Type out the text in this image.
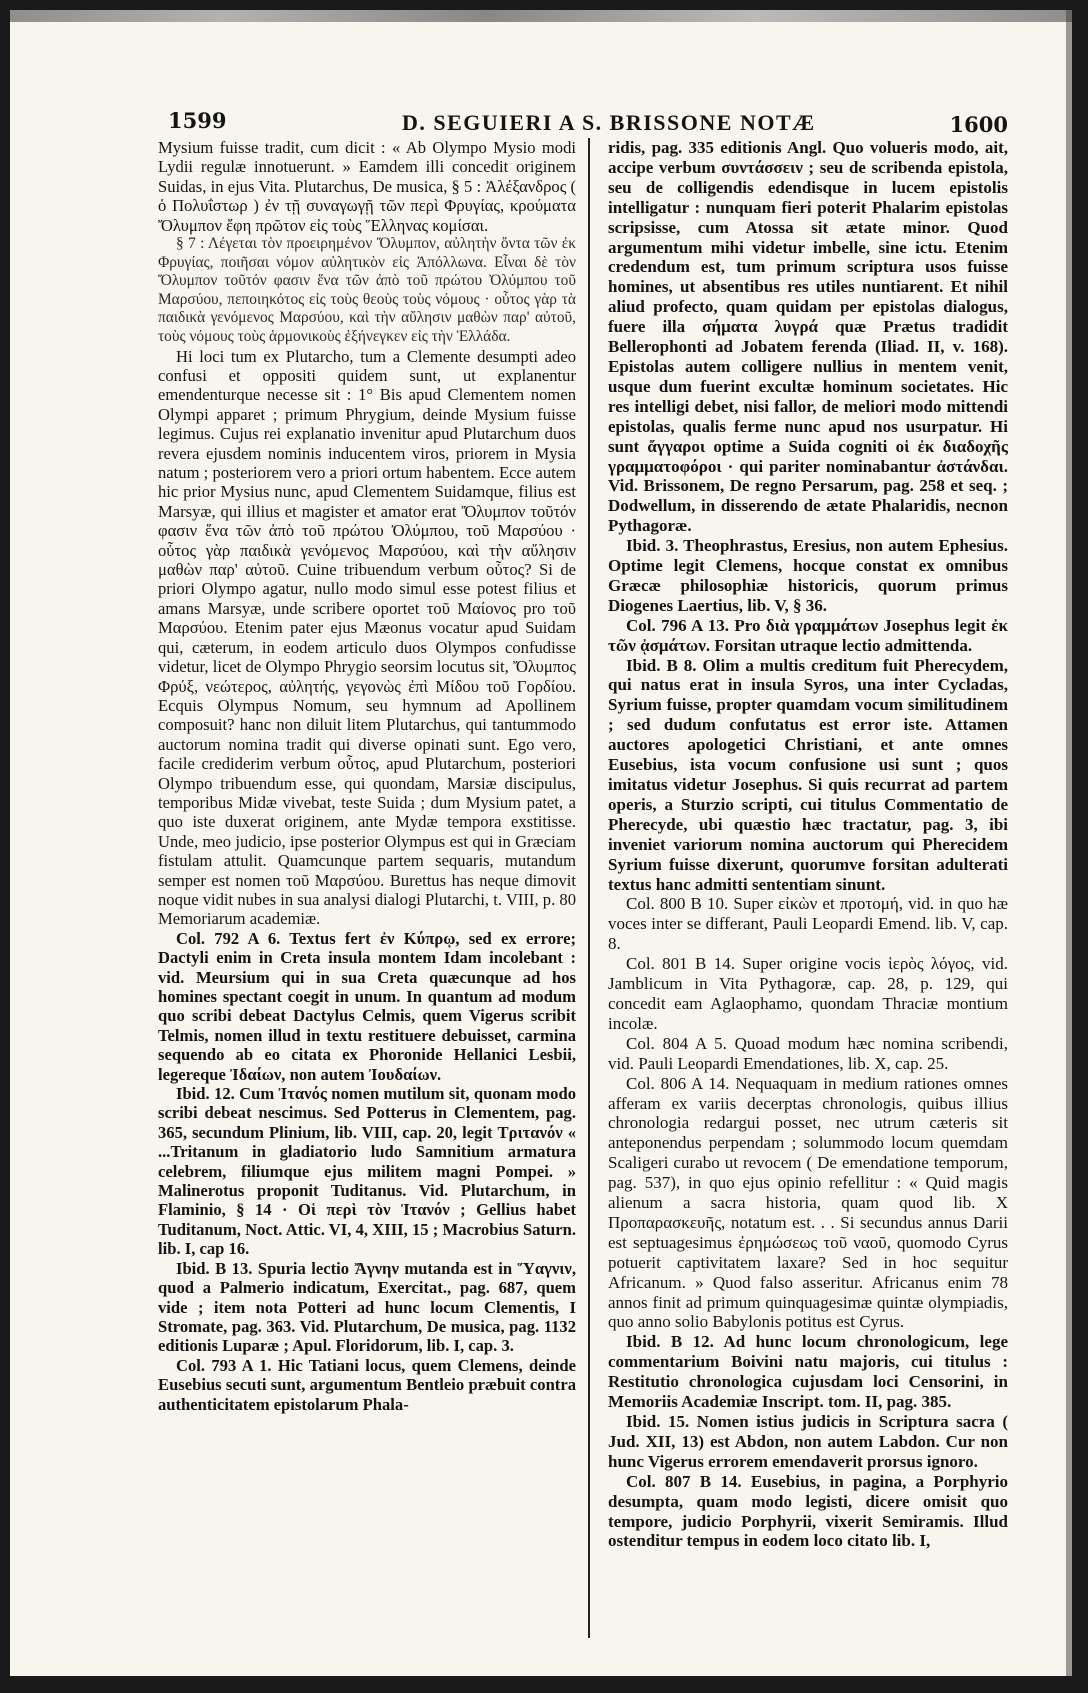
1599	D. SEGUIERI A S. BRISSONE NOTÆ	1600

Mysium fuisse tradit, cum dicit : « Ab Olympo Mysio modi Lydii regulæ innotuerunt. » Eamdem illi concedit originem Suidas, in ejus Vita. Plutarchus, De musica, § 5 : Ἀλέξανδρος ( ὁ Πολυΐστωρ ) ἐν τῇ συναγωγῇ τῶν περὶ Φρυγίας, κρούματα Ὄλυμπον ἔφη πρῶτον εἰς τοὺς Ἕλληνας κομίσαι.

§ 7 : Λέγεται τὸν προειρημένον Ὄλυμπον, αὐλητὴν ὄντα τῶν ἐκ Φρυγίας, ποιῆσαι νόμον αὐλητικὸν εἰς Ἀπόλλωνα. Εἶναι δὲ τὸν Ὄλυμπον τοῦτόν φασιν ἕνα τῶν ἀπὸ τοῦ πρώτου Ὀλύμπου τοῦ Μαρσύου, πεποιηκότος εἰς τοὺς θεοὺς τοὺς νόμους · οὗτος γὰρ τὰ παιδικὰ γενόμενος Μαρσύου, καὶ τὴν αὔλησιν μαθὼν παρ' αὐτοῦ, τοὺς νόμους τοὺς ἁρμονικοὺς ἐξήνεγκεν εἰς τὴν Ἑλλάδα.

Hi loci tum ex Plutarcho, tum a Clemente desumpti adeo confusi et oppositi quidem sunt, ut explanentur emendenturque necesse sit : 1° Bis apud Clementem nomen Olympi apparet ; primum Phrygium, deinde Mysium fuisse legimus. Cujus rei explanatio invenitur apud Plutarchum duos revera ejusdem nominis inducentem viros, priorem in Mysia natum ; posteriorem vero a priori ortum habentem. Ecce autem hic prior Mysius nunc, apud Clementem Suidamque, filius est Marsyæ, qui illius et magister et amator erat Ὄλυμπον τοῦτόν φασιν ἕνα τῶν ἀπὸ τοῦ πρώτου Ὀλύμπου, τοῦ Μαρσύου · οὗτος γὰρ παιδικὰ γενόμενος Μαρσύου, καὶ τὴν αὔλησιν μαθὼν παρ' αὐτοῦ. Cuine tribuendum verbum οὗτος? Si de priori Olympo agatur, nullo modo simul esse potest filius et amans Marsyæ, unde scribere oportet τοῦ Μαίονος pro τοῦ Μαρσύου. Etenim pater ejus Mæonus vocatur apud Suidam qui, cæterum, in eodem articulo duos Olympos confudisse videtur, licet de Olympo Phrygio seorsim locutus sit, Ὄλυμπος Φρύξ, νεώτερος, αὐλητής, γεγονὼς ἐπὶ Μίδου τοῦ Γορδίου. Ecquis Olympus Nomum, seu hymnum ad Apollinem composuit? hanc non diluit litem Plutarchus, qui tantummodo auctorum nomina tradit qui diverse opinati sunt. Ego vero, facile crediderim verbum οὗτος, apud Plutarchum, posteriori Olympo tribuendum esse, qui quondam, Marsiæ discipulus, temporibus Midæ vivebat, teste Suida ; dum Mysium patet, a quo iste duxerat originem, ante Mydæ tempora exstitisse. Unde, meo judicio, ipse posterior Olympus est qui in Græciam fistulam attulit. Quamcunque partem sequaris, mutandum semper est nomen τοῦ Μαρσύου. Burettus has neque dimovit noque vidit nubes in sua analysi dialogi Plutarchi, t. VIII, p. 80 Memoriarum academiæ.

Col. 792 A 6. Textus fert ἐν Κύπρῳ, sed ex errore; Dactyli enim in Creta insula montem Idam incolebant : vid. Meursium qui in sua Creta quæcunque ad hos homines spectant coegit in unum. In quantum ad modum quo scribi debeat Dactylus Celmis, quem Vigerus scribit Telmis, nomen illud in textu restituere debuisset, carmina sequendo ab eo citata ex Phoronide Hellanici Lesbii, legereque Ἰδαίων, non autem Ἰουδαίων.

Ibid. 12. Cum Ἰτανός nomen mutilum sit, quonam modo scribi debeat nescimus. Sed Potterus in Clementem, pag. 365, secundum Plinium, lib. VIII, cap. 20, legit Τριτανόν « ...Tritanum in gladiatorio ludo Samnitium armatura celebrem, filiumque ejus militem magni Pompei. » Malinerotus proponit Tuditanus. Vid. Plutarchum, in Flaminio, § 14 · Οἱ περὶ τὸν Ἰτανόν ; Gellius habet Tuditanum, Noct. Attic. VI, 4, XIII, 15 ; Macrobius Saturn. lib. I, cap 16.

Ibid. B 13. Spuria lectio Ἄγνην mutanda est in Ὕαγνιν, quod a Palmerio indicatum, Exercitat., pag. 687, quem vide ; item nota Potteri ad hunc locum Clementis, I Stromate, pag. 363. Vid. Plutarchum, De musica, pag. 1132 editionis Luparæ ; Apul. Floridorum, lib. I, cap. 3.

Col. 793 A 1. Hic Tatiani locus, quem Clemens, deinde Eusebius secuti sunt, argumentum Bentleio præbuit contra authenticitatem epistolarum Phala-

ridis, pag. 335 editionis Angl. Quo volueris modo, ait, accipe verbum συντάσσειν ; seu de scribenda epistola, seu de colligendis edendisque in lucem epistolis intelligatur : nunquam fieri poterit Phalarim epistolas scripsisse, cum Atossa sit ætate minor. Quod argumentum mihi videtur imbelle, sine ictu. Etenim credendum est, tum primum scriptura usos fuisse homines, ut absentibus res utiles nuntiarent. Et nihil aliud profecto, quam quidam per epistolas dialogus, fuere illa σήματα λυγρά quæ Prætus tradidit Bellerophonti ad Jobatem ferenda (Iliad. II, v. 168). Epistolas autem colligere nullius in mentem venit, usque dum fuerint excultæ hominum societates. Hic res intelligi debet, nisi fallor, de meliori modo mittendi epistolas, qualis ferme nunc apud nos usurpatur. Hi sunt ἄγγαροι optime a Suida cogniti οἱ ἐκ διαδοχῆς γραμματοφόροι · qui pariter nominabantur ἀστάνδαι. Vid. Brissonem, De regno Persarum, pag. 258 et seq. ; Dodwellum, in disserendo de ætate Phalaridis, necnon Pythagoræ.

Ibid. 3. Theophrastus, Eresius, non autem Ephesius. Optime legit Clemens, hocque constat ex omnibus Græcæ philosophiæ historicis, quorum primus Diogenes Laertius, lib. V, § 36.

Col. 796 A 13. Pro διὰ γραμμάτων Josephus legit ἐκ τῶν ᾀσμάτων. Forsitan utraque lectio admittenda.

Ibid. B 8. Olim a multis creditum fuit Pherecydem, qui natus erat in insula Syros, una inter Cycladas, Syrium fuisse, propter quamdam vocum similitudinem ; sed dudum confutatus est error iste. Attamen auctores apologetici Christiani, et ante omnes Eusebius, ista vocum confusione usi sunt ; quos imitatus videtur Josephus. Si quis recurrat ad partem operis, a Sturzio scripti, cui titulus Commentatio de Pherecyde, ubi quæstio hæc tractatur, pag. 3, ibi inveniet variorum nomina auctorum qui Pherecidem Syrium fuisse dixerunt, quorumve forsitan adulterati textus hanc admitti sententiam sinunt.

Col. 800 B 10. Super εἰκὼν et προτομή, vid. in quo hæ voces inter se differant, Pauli Leopardi Emend. lib. V, cap. 8.

Col. 801 B 14. Super origine vocis ἱερὸς λόγος, vid. Jamblicum in Vita Pythagoræ, cap. 28, p. 129, qui concedit eam Aglaophamo, quondam Thraciæ montium incolæ.

Col. 804 A 5. Quoad modum hæc nomina scribendi, vid. Pauli Leopardi Emendationes, lib. X, cap. 25.

Col. 806 A 14. Nequaquam in medium rationes omnes afferam ex variis decerptas chronologis, quibus illius chronologia redargui posset, nec utrum cæteris sit anteponendus perpendam ; solummodo locum quemdam Scaligeri curabo ut revocem ( De emendatione temporum, pag. 537), in quo ejus opinio refellitur : « Quid magis alienum a sacra historia, quam quod lib. X Προπαρασκευῆς, notatum est. . . Si secundus annus Darii est septuagesimus ἐρημώσεως τοῦ ναοῦ, quomodo Cyrus potuerit captivitatem laxare? Sed in hoc sequitur Africanum. » Quod falso asseritur. Africanus enim 78 annos finit ad primum quinquagesimæ quintæ olympiadis, quo anno solio Babylonis potitus est Cyrus.

Ibid. B 12. Ad hunc locum chronologicum, lege commentarium Boivini natu majoris, cui titulus : Restitutio chronologica cujusdam loci Censorini, in Memoriis Academiæ Inscript. tom. II, pag. 385.

Ibid. 15. Nomen istius judicis in Scriptura sacra ( Jud. XII, 13) est Abdon, non autem Labdon. Cur non hunc Vigerus errorem emendaverit prorsus ignoro.

Col. 807 B 14. Eusebius, in pagina, a Porphyrio desumpta, quam modo legisti, dicere omisit quo tempore, judicio Porphyrii, vixerit Semiramis. Illud ostenditur tempus in eodem loco citato lib. I,
